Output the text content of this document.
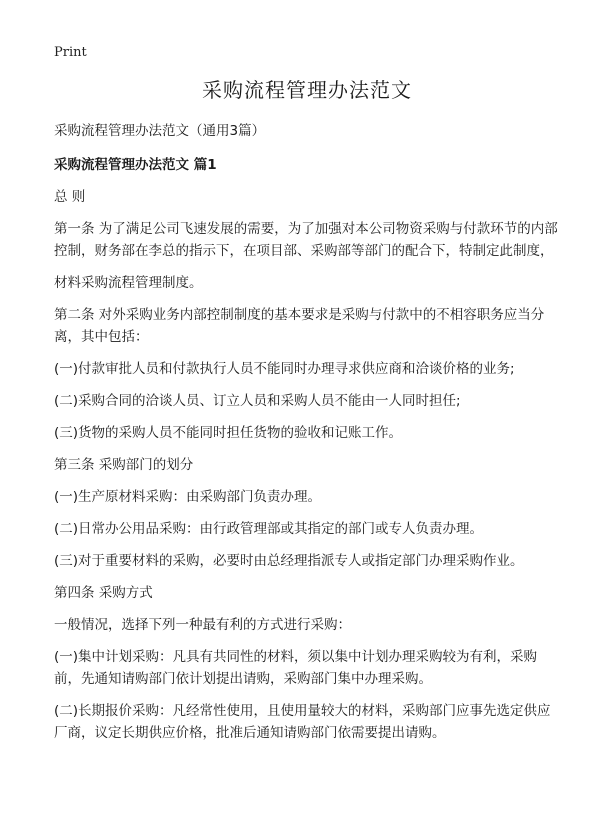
Print
采购流程管理办法范文

采购流程管理办法范文（通用3篇）

采购流程管理办法范文 篇1

总 则

第一条 为了满足公司飞速发展的需要，为了加强对本公司物资采购与付款环节的内部控制，财务部在李总的指示下，在项目部、采购部等部门的配合下，特制定此制度，

材料采购流程管理制度。

第二条 对外采购业务内部控制制度的基本要求是采购与付款中的不相容职务应当分离，其中包括：

(一)付款审批人员和付款执行人员不能同时办理寻求供应商和洽谈价格的业务;

(二)采购合同的洽谈人员、订立人员和采购人员不能由一人同时担任;

(三)货物的采购人员不能同时担任货物的验收和记账工作。

第三条 采购部门的划分

(一)生产原材料采购：由采购部门负责办理。

(二)日常办公用品采购：由行政管理部或其指定的部门或专人负责办理。

(三)对于重要材料的采购，必要时由总经理指派专人或指定部门办理采购作业。

第四条 采购方式

一般情况，选择下列一种最有利的方式进行采购：

(一)集中计划采购：凡具有共同性的材料，须以集中计划办理采购较为有利，采购前，先通知请购部门依计划提出请购，采购部门集中办理采购。

(二)长期报价采购：凡经常性使用，且使用量较大的材料，采购部门应事先选定供应厂商，议定长期供应价格，批准后通知请购部门依需要提出请购。
